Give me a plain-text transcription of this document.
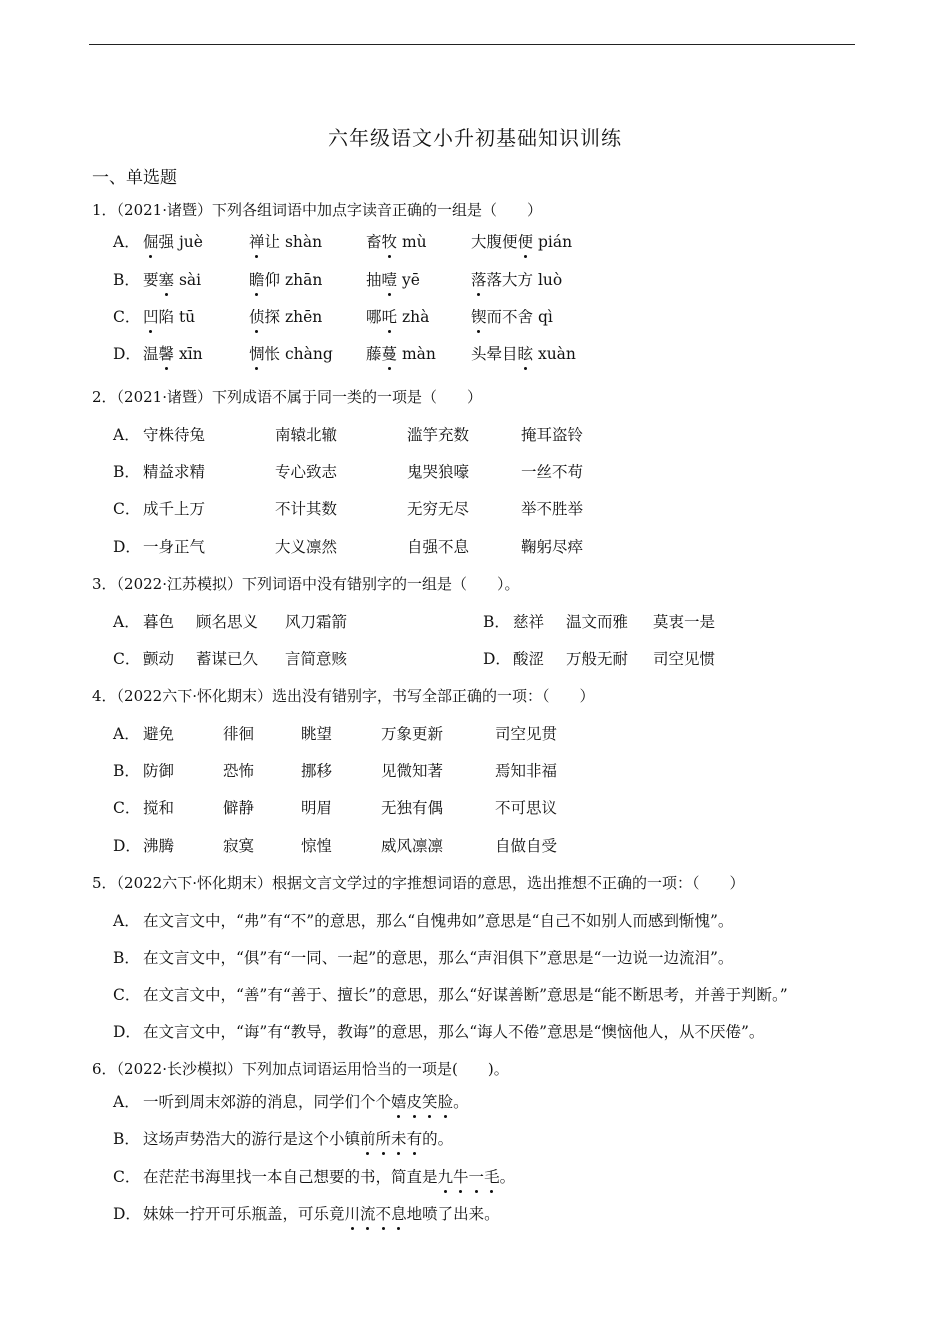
六年级语文小升初基础知识训练
一、单选题
1．（2021·诸暨）下列各组词语中加点字读音正确的一组是（　　）
A． 倔强 juè	禅让 shàn	畜牧 mù	大腹便便 pián
B． 要塞 sài	瞻仰 zhān	抽噎 yē	落落大方 luò
C． 凹陷 tū	侦探 zhēn	哪吒 zhà	锲而不舍 qì
D． 温馨 xīn	惆怅 chàng 藤蔓 màn 头晕目眩 xuàn
2．（2021·诸暨）下列成语不属于同一类的一项是（　　）
A． 守株待兔	南辕北辙	滥竽充数	掩耳盗铃
B． 精益求精	专心致志	鬼哭狼嚎	一丝不苟
C． 成千上万	不计其数	无穷无尽	举不胜举
D． 一身正气	大义凛然	自强不息	鞠躬尽瘁
3．（2022·江苏模拟）下列词语中没有错别字的一组是（　　）。
A． 暮色 顾名思义 风刀霜箭	B． 慈祥 温文而雅 莫衷一是
C． 颤动 蓄谋已久 言简意赅	D． 酸涩 万般无耐 司空见惯
4．（2022六下·怀化期末）选出没有错别字，书写全部正确的一项：（　　）
A． 避免	徘徊	眺望	万象更新	司空见贯
B． 防御	恐怖	挪移	见微知著	焉知非福
C． 搅和	僻静	明眉	无独有偶	不可思议
D． 沸腾	寂寞	惊惶	威风凛凛	自做自受
5．（2022六下·怀化期末）根据文言文学过的字推想词语的意思，选出推想不正确的一项：（　　）
A． 在文言文中，“弗”有“不”的意思，那么“自愧弗如”意思是“自己不如别人而感到惭愧”。
B． 在文言文中，“俱”有“一同、一起”的意思，那么“声泪俱下”意思是“一边说一边流泪”。
C． 在文言文中，“善”有“善于、擅长”的意思，那么“好谋善断”意思是“能不断思考，并善于判断。”
D． 在文言文中，“诲”有“教导，教诲”的意思，那么“诲人不倦”意思是“懊恼他人，从不厌倦”。
6．（2022·长沙模拟）下列加点词语运用恰当的一项是(　　)。
A． 一听到周末郊游的消息，同学们个个嬉皮笑脸。
B． 这场声势浩大的游行是这个小镇前所未有的。
C． 在茫茫书海里找一本自己想要的书，简直是九牛一毛。
D． 妹妹一拧开可乐瓶盖，可乐竟川流不息地喷了出来。
